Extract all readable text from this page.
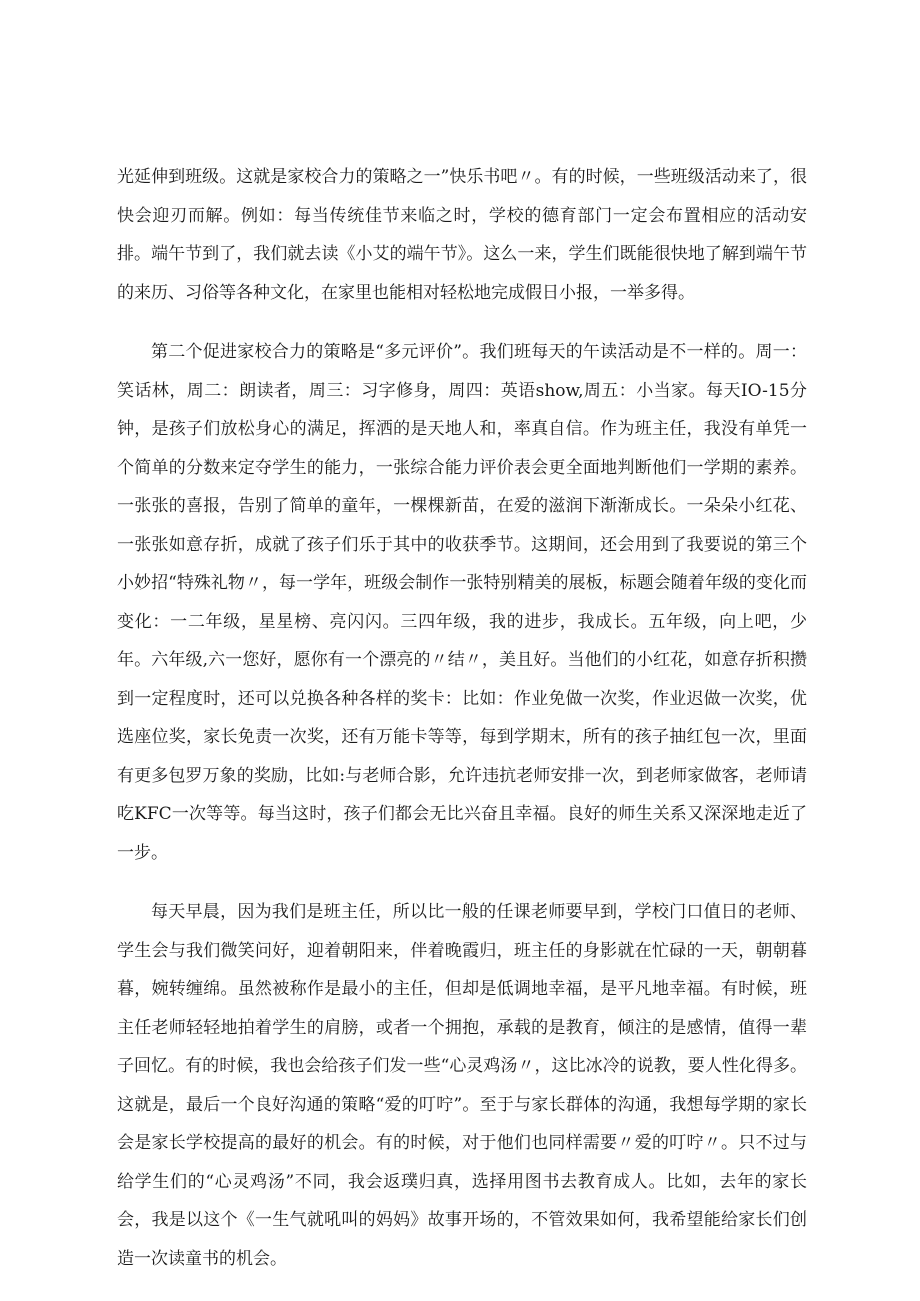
光延伸到班级。这就是家校合力的策略之一”快乐书吧〃。有的时候，一些班级活动来了，很快会迎刃而解。例如：每当传统佳节来临之时，学校的德育部门一定会布置相应的活动安排。端午节到了，我们就去读《小艾的端午节》。这么一来，学生们既能很快地了解到端午节的来历、习俗等各种文化，在家里也能相对轻松地完成假日小报，一举多得。

第二个促进家校合力的策略是“多元评价”。我们班每天的午读活动是不一样的。周一：笑话林，周二：朗读者，周三：习字修身，周四：英语show,周五：小当家。每天IO-15分钟，是孩子们放松身心的满足，挥洒的是天地人和，率真自信。作为班主任，我没有单凭一个简单的分数来定夺学生的能力，一张综合能力评价表会更全面地判断他们一学期的素养。一张张的喜报，告别了简单的童年，一棵棵新苗，在爱的滋润下渐渐成长。一朵朵小红花、一张张如意存折，成就了孩子们乐于其中的收获季节。这期间，还会用到了我要说的第三个小妙招“特殊礼物〃，每一学年，班级会制作一张特别精美的展板，标题会随着年级的变化而变化：一二年级，星星榜、亮闪闪。三四年级，我的进步，我成长。五年级，向上吧，少年。六年级,六一您好，愿你有一个漂亮的〃结〃，美且好。当他们的小红花，如意存折积攒到一定程度时，还可以兑换各种各样的奖卡：比如：作业免做一次奖，作业迟做一次奖，优选座位奖，家长免责一次奖，还有万能卡等等，每到学期末，所有的孩子抽红包一次，里面有更多包罗万象的奖励，比如:与老师合影，允许违抗老师安排一次，到老师家做客，老师请吃KFC一次等等。每当这时，孩子们都会无比兴奋且幸福。良好的师生关系又深深地走近了一步。

每天早晨，因为我们是班主任，所以比一般的任课老师要早到，学校门口值日的老师、学生会与我们微笑问好，迎着朝阳来，伴着晚霞归，班主任的身影就在忙碌的一天，朝朝暮暮，婉转缠绵。虽然被称作是最小的主任，但却是低调地幸福，是平凡地幸福。有时候，班主任老师轻轻地拍着学生的肩膀，或者一个拥抱，承载的是教育，倾注的是感情，值得一辈子回忆。有的时候，我也会给孩子们发一些“心灵鸡汤〃，这比冰冷的说教，要人性化得多。这就是，最后一个良好沟通的策略“爱的叮咛”。至于与家长群体的沟通，我想每学期的家长会是家长学校提高的最好的机会。有的时候，对于他们也同样需要〃爱的叮咛〃。只不过与给学生们的“心灵鸡汤”不同，我会返璞归真，选择用图书去教育成人。比如，去年的家长会，我是以这个《一生气就吼叫的妈妈》故事开场的，不管效果如何，我希望能给家长们创造一次读童书的机会。
